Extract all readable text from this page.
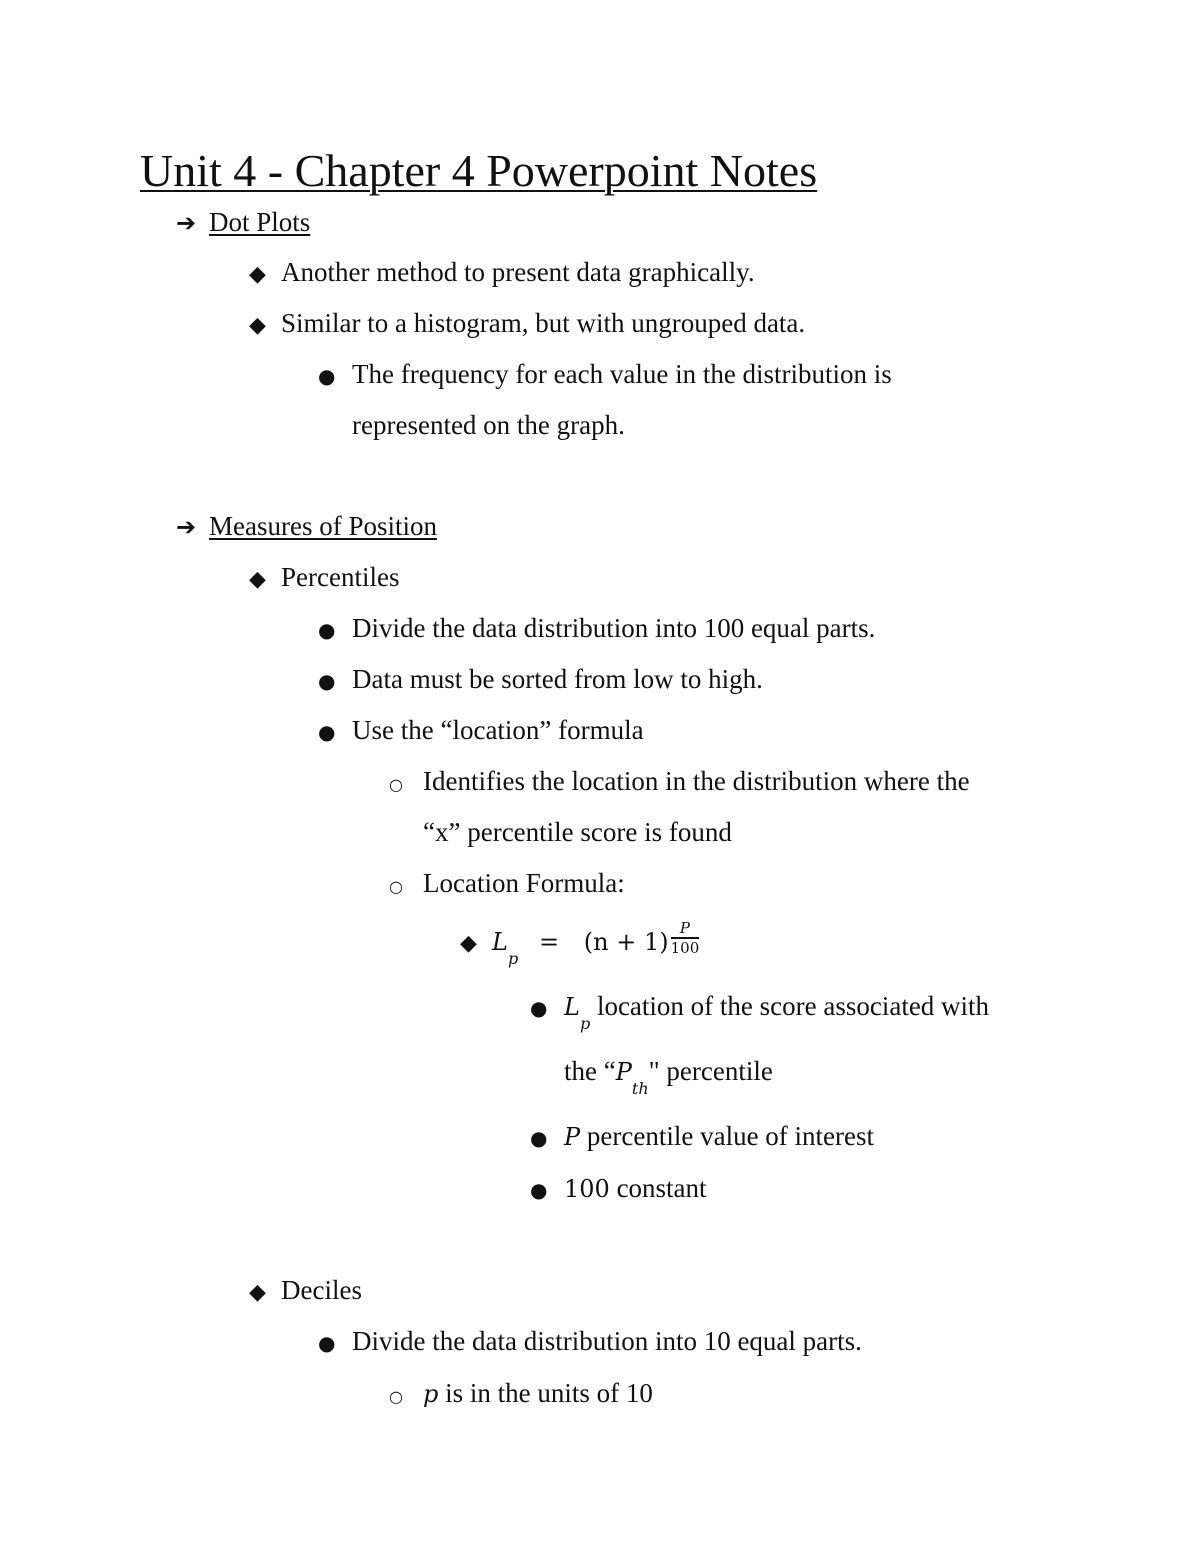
Unit 4 - Chapter 4 Powerpoint Notes
➔ Dot Plots
◆ Another method to present data graphically.
◆ Similar to a histogram, but with ungrouped data.
● The frequency for each value in the distribution is
represented on the graph.
➔ Measures of Position
◆ Percentiles
● Divide the data distribution into 100 equal parts.
● Data must be sorted from low to high.
● Use the “location” formula
○ Identifies the location in the distribution where the
“x” percentile score is found
○ Location Formula:
◆ $L_p = (n + 1) \frac{P}{100}$
● $L_p$ location of the score associated with
the “$P_{th}$" percentile
● P percentile value of interest
● 100 constant
◆ Deciles
● Divide the data distribution into 10 equal parts.
○ p is in the units of 10
